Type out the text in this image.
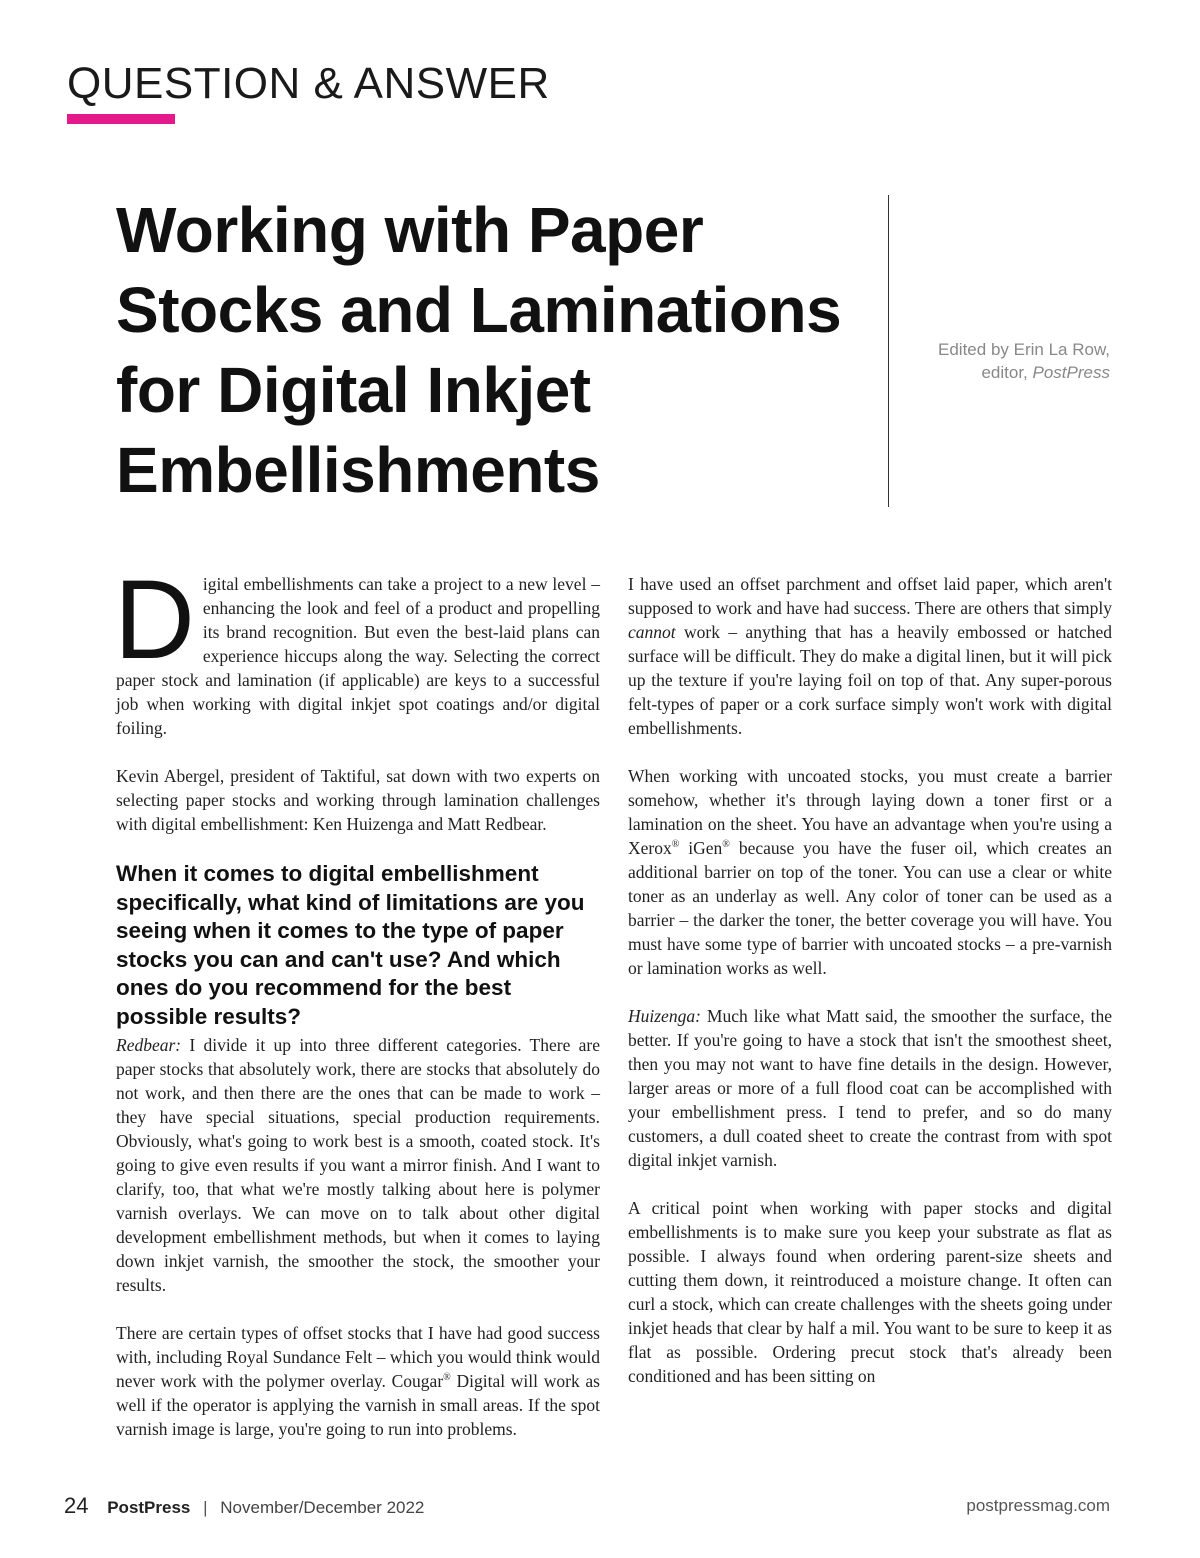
QUESTION & ANSWER
Working with Paper Stocks and Laminations for Digital Inkjet Embellishments
Edited by Erin La Row,
editor, PostPress

Digital embellishments can take a project to a new level – enhancing the look and feel of a product and propelling its brand recognition. But even the best-laid plans can experience hiccups along the way. Selecting the correct paper stock and lamination (if applicable) are keys to a successful job when working with digital inkjet spot coatings and/or digital foiling.

Kevin Abergel, president of Taktiful, sat down with two experts on selecting paper stocks and working through lamination challenges with digital embellishment: Ken Huizenga and Matt Redbear.

When it comes to digital embellishment specifically, what kind of limitations are you seeing when it comes to the type of paper stocks you can and can't use? And which ones do you recommend for the best possible results?

Redbear: I divide it up into three different categories. There are paper stocks that absolutely work, there are stocks that absolutely do not work, and then there are the ones that can be made to work – they have special situations, special production requirements. Obviously, what's going to work best is a smooth, coated stock. It's going to give even results if you want a mirror finish. And I want to clarify, too, that what we're mostly talking about here is polymer varnish overlays. We can move on to talk about other digital development embellishment methods, but when it comes to laying down inkjet varnish, the smoother the stock, the smoother your results.

There are certain types of offset stocks that I have had good success with, including Royal Sundance Felt – which you would think would never work with the polymer overlay. Cougar® Digital will work as well if the operator is applying the varnish in small areas. If the spot varnish image is large, you're going to run into problems.

I have used an offset parchment and offset laid paper, which aren't supposed to work and have had success. There are others that simply cannot work – anything that has a heavily embossed or hatched surface will be difficult. They do make a digital linen, but it will pick up the texture if you're laying foil on top of that. Any super-porous felt-types of paper or a cork surface simply won't work with digital embellishments.

When working with uncoated stocks, you must create a barrier somehow, whether it's through laying down a toner first or a lamination on the sheet. You have an advantage when you're using a Xerox® iGen® because you have the fuser oil, which creates an additional barrier on top of the toner. You can use a clear or white toner as an underlay as well. Any color of toner can be used as a barrier – the darker the toner, the better coverage you will have. You must have some type of barrier with uncoated stocks – a pre-varnish or lamination works as well.

Huizenga: Much like what Matt said, the smoother the surface, the better. If you're going to have a stock that isn't the smoothest sheet, then you may not want to have fine details in the design. However, larger areas or more of a full flood coat can be accomplished with your embellishment press. I tend to prefer, and so do many customers, a dull coated sheet to create the contrast from with spot digital inkjet varnish.

A critical point when working with paper stocks and digital embellishments is to make sure you keep your substrate as flat as possible. I always found when ordering parent-size sheets and cutting them down, it reintroduced a moisture change. It often can curl a stock, which can create challenges with the sheets going under inkjet heads that clear by half a mil. You want to be sure to keep it as flat as possible. Ordering precut stock that's already been conditioned and has been sitting on

24 PostPress | November/December 2022	postpressmag.com
